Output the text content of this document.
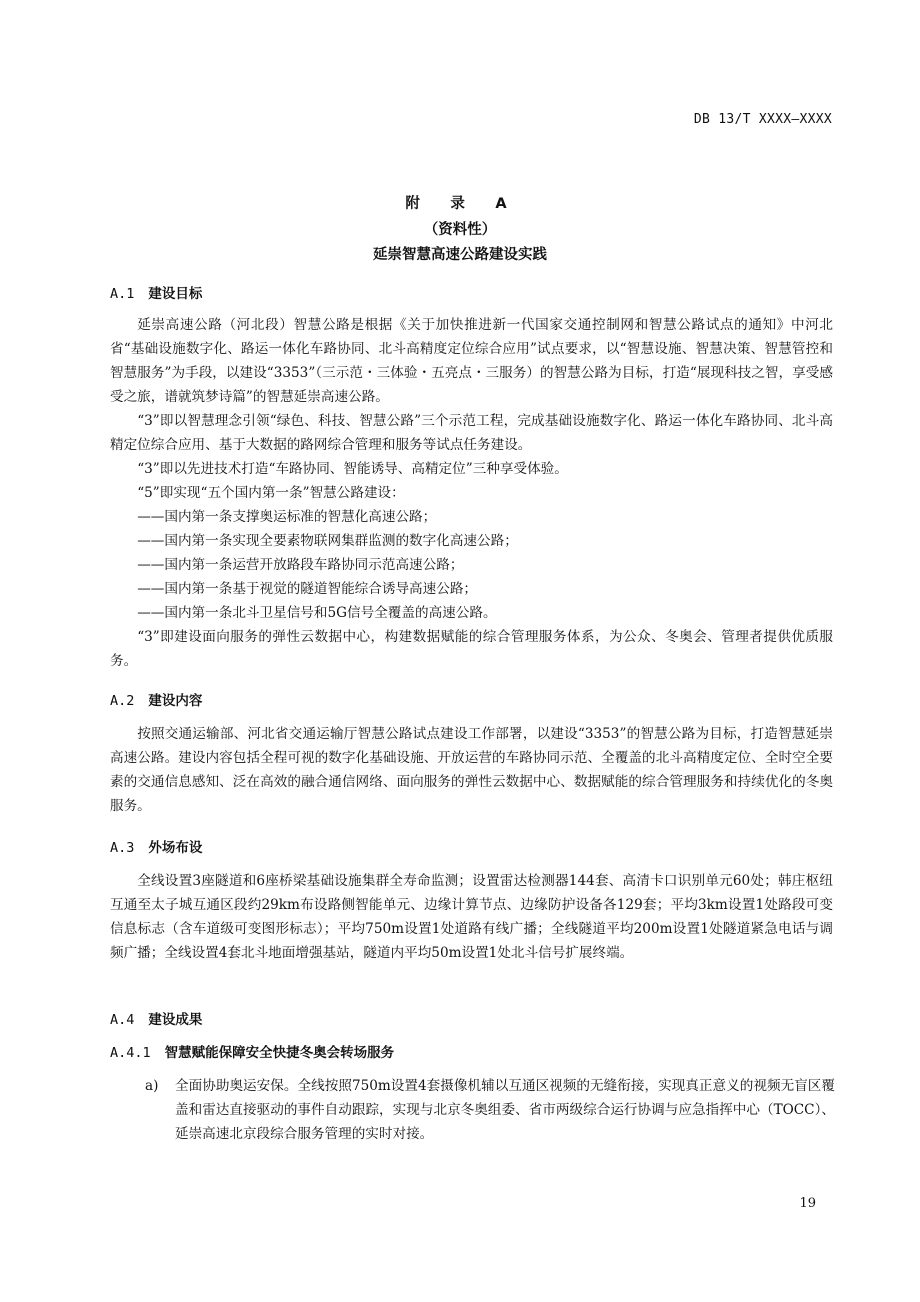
DB 13/T XXXX—XXXX
附　录　A
（资料性）
延崇智慧高速公路建设实践
A.1 建设目标

延崇高速公路（河北段）智慧公路是根据《关于加快推进新一代国家交通控制网和智慧公路试点的通知》中河北省“基础设施数字化、路运一体化车路协同、北斗高精度定位综合应用”试点要求，以“智慧设施、智慧决策、智慧管控和智慧服务”为手段，以建设“3353”（三示范・三体验・五亮点・三服务）的智慧公路为目标，打造“展现科技之智，享受感受之旅，谱就筑梦诗篇”的智慧延崇高速公路。

“3”即以智慧理念引领“绿色、科技、智慧公路”三个示范工程，完成基础设施数字化、路运一体化车路协同、北斗高精定位综合应用、基于大数据的路网综合管理和服务等试点任务建设。

“3”即以先进技术打造“车路协同、智能诱导、高精定位”三种享受体验。

“5”即实现“五个国内第一条”智慧公路建设：

——国内第一条支撑奥运标准的智慧化高速公路；

——国内第一条实现全要素物联网集群监测的数字化高速公路；

——国内第一条运营开放路段车路协同示范高速公路；

——国内第一条基于视觉的隧道智能综合诱导高速公路；

——国内第一条北斗卫星信号和5G信号全覆盖的高速公路。

“3”即建设面向服务的弹性云数据中心，构建数据赋能的综合管理服务体系，为公众、冬奥会、管理者提供优质服务。

A.2 建设内容

按照交通运输部、河北省交通运输厅智慧公路试点建设工作部署，以建设“3353”的智慧公路为目标，打造智慧延崇高速公路。建设内容包括全程可视的数字化基础设施、开放运营的车路协同示范、全覆盖的北斗高精度定位、全时空全要素的交通信息感知、泛在高效的融合通信网络、面向服务的弹性云数据中心、数据赋能的综合管理服务和持续优化的冬奥服务。

A.3 外场布设

全线设置3座隧道和6座桥梁基础设施集群全寿命监测；设置雷达检测器144套、高清卡口识别单元60处；韩庄枢纽互通至太子城互通区段约29km布设路侧智能单元、边缘计算节点、边缘防护设备各129套；平均3km设置1处路段可变信息标志（含车道级可变图形标志）；平均750m设置1处道路有线广播；全线隧道平均200m设置1处隧道紧急电话与调频广播；全线设置4套北斗地面增强基站，隧道内平均50m设置1处北斗信号扩展终端。

A.4 建设成果
A.4.1 智慧赋能保障安全快捷冬奥会转场服务
a) 全面协助奥运安保。全线按照750m设置4套摄像机辅以互通区视频的无缝衔接，实现真正意义的视频无盲区覆盖和雷达直接驱动的事件自动跟踪，实现与北京冬奥组委、省市两级综合运行协调与应急指挥中心（TOCC）、延崇高速北京段综合服务管理的实时对接。
19
